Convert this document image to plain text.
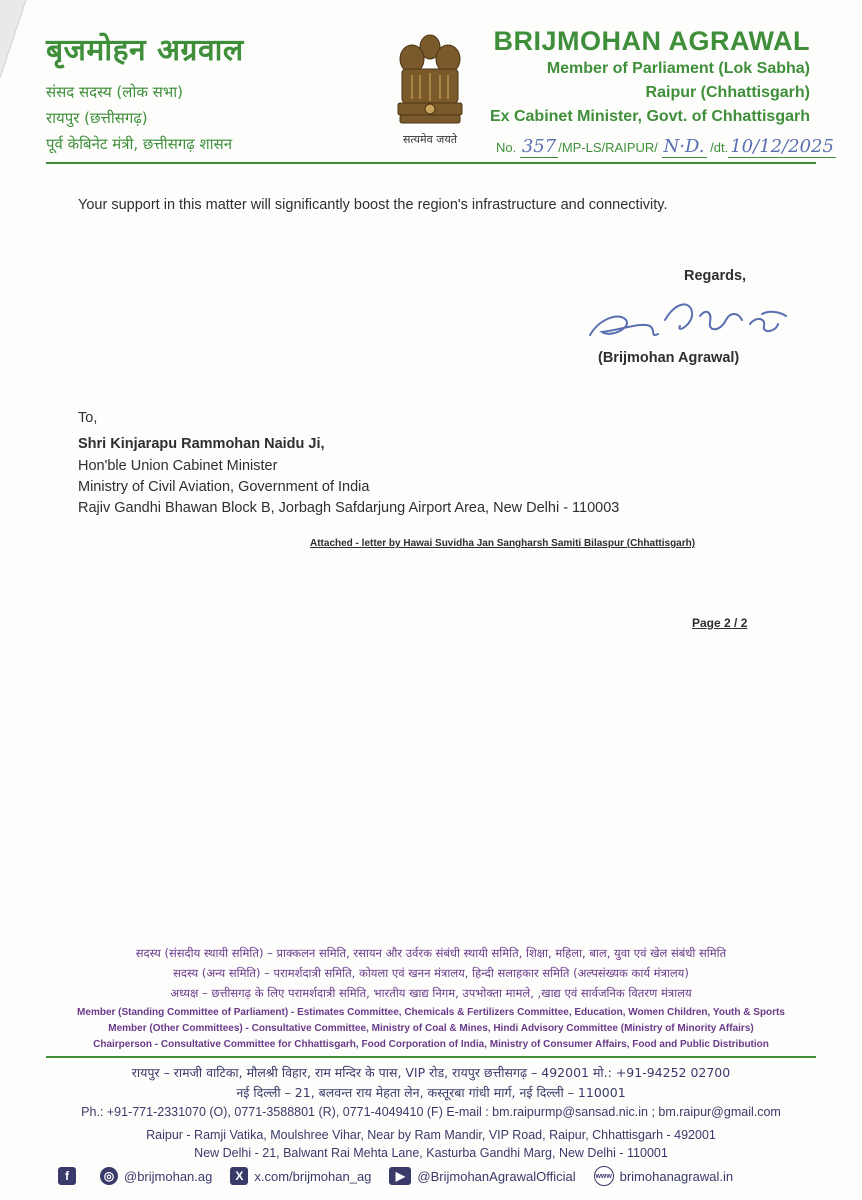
बृजमोहन अग्रवाल
संसद सदस्य (लोक सभा)
रायपुर (छत्तीसगढ़)
पूर्व केबिनेट मंत्री, छत्तीसगढ़ शासन	सत्यमेव जयते
BRIJMOHAN AGRAWAL
Member of Parliament (Lok Sabha)
Raipur (Chhattisgarh)
Ex Cabinet Minister, Govt. of Chhattisgarh
No. 357 /MP-LS/RAIPUR/ N·D. /dt. 10/12/2025
Your support in this matter will significantly boost the region's infrastructure and connectivity.
Regards,
(Brijmohan Agrawal)
To,
Shri Kinjarapu Rammohan Naidu Ji,
Hon'ble Union Cabinet Minister
Ministry of Civil Aviation, Government of India
Rajiv Gandhi Bhawan Block B, Jorbagh Safdarjung Airport Area, New Delhi - 110003
Attached - letter by Hawai Suvidha Jan Sangharsh Samiti Bilaspur (Chhattisgarh)
Page 2 / 2
सदस्य (संसदीय स्थायी समिति) – प्राक्कलन समिति, रसायन और उर्वरक संबंधी स्थायी समिति, शिक्षा, महिला, बाल, युवा एवं खेल संबंधी समिति
सदस्य (अन्य समिति) – परामर्शदात्री समिति, कोयला एवं खनन मंत्रालय, हिन्दी सलाहकार समिति (अल्पसंख्यक कार्य मंत्रालय)
अध्यक्ष – छत्तीसगढ़ के लिए परामर्शदात्री समिति, भारतीय खाद्य निगम, उपभोक्ता मामले, ,खाद्य एवं सार्वजनिक वितरण मंत्रालय
Member (Standing Committee of Parliament) - Estimates Committee, Chemicals & Fertilizers Committee, Education, Women Children, Youth & Sports
Member (Other Committees) - Consultative Committee, Ministry of Coal & Mines, Hindi Advisory Committee (Ministry of Minority Affairs)
Chairperson - Consultative Committee for Chhattisgarh, Food Corporation of India, Ministry of Consumer Affairs, Food and Public Distribution
रायपुर – रामजी वाटिका, मौलश्री विहार, राम मन्दिर के पास, VIP रोड, रायपुर छत्तीसगढ़ – 492001 मो.: +91-94252 02700
नई दिल्ली – 21, बलवन्त राय मेहता लेन, कस्तूरबा गांधी मार्ग, नई दिल्ली – 110001
Ph.: +91-771-2331070 (O), 0771-3588801 (R), 0771-4049410 (F) E-mail : bm.raipurmp@sansad.nic.in ; bm.raipur@gmail.com
Raipur - Ramji Vatika, Moulshree Vihar, Near by Ram Mandir, VIP Road, Raipur, Chhattisgarh - 492001
New Delhi - 21, Balwant Rai Mehta Lane, Kasturba Gandhi Marg, New Delhi - 110001
f	◎ @brijmohan.ag	X x.com/brijmohan_ag	▶ @BrijmohanAgrawalOfficial	www brimohanagrawal.in
